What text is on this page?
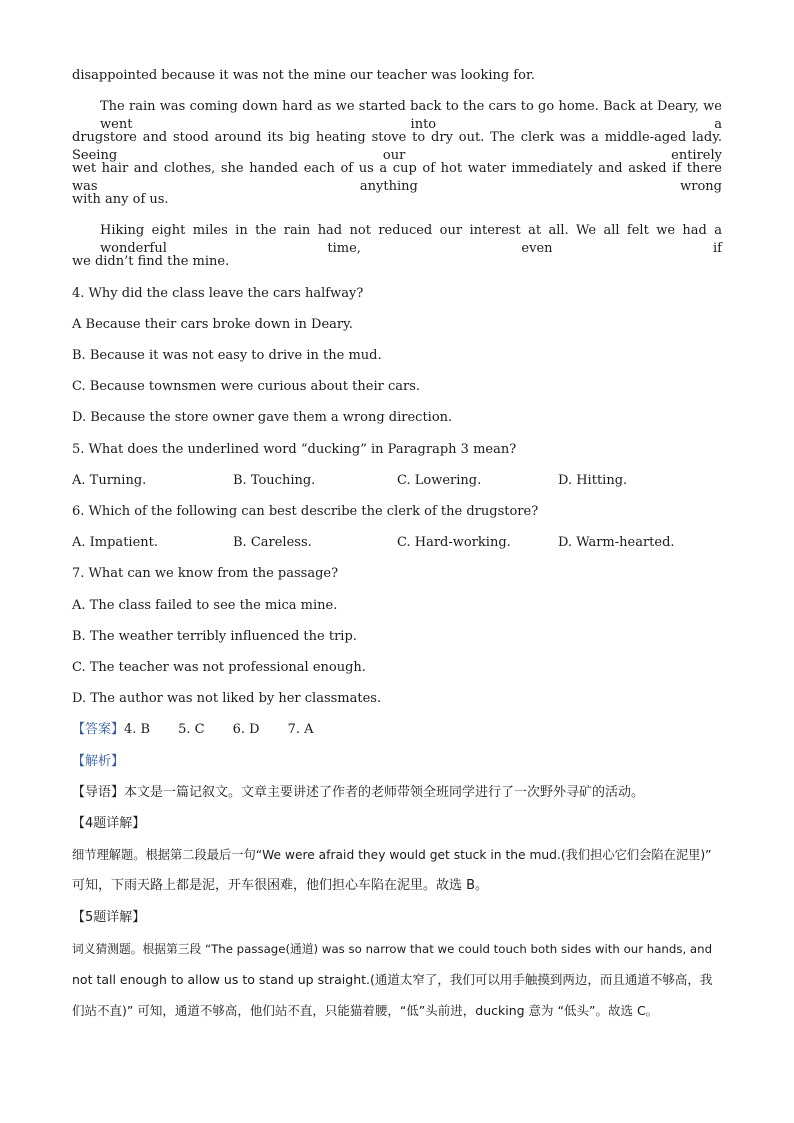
disappointed because it was not the mine our teacher was looking for.

The rain was coming down hard as we started back to the cars to go home. Back at Deary, we went into a

drugstore and stood around its big heating stove to dry out. The clerk was a middle-aged lady. Seeing our entirely

wet hair and clothes, she handed each of us a cup of hot water immediately and asked if there was anything wrong

with any of us.

Hiking eight miles in the rain had not reduced our interest at all. We all felt we had a wonderful time, even if

we didn’t find the mine.

4. Why did the class leave the cars halfway?

A Because their cars broke down in Deary.

B. Because it was not easy to drive in the mud.

C. Because townsmen were curious about their cars.

D. Because the store owner gave them a wrong direction.

5. What does the underlined word “ducking” in Paragraph 3 mean?

A. Turning.	B. Touching.	C. Lowering.	D. Hitting.

6. Which of the following can best describe the clerk of the drugstore?

A. Impatient.	B. Careless.	C. Hard-working.	D. Warm-hearted.

7. What can we know from the passage?

A. The class failed to see the mica mine.

B. The weather terribly influenced the trip.

C. The teacher was not professional enough.

D. The author was not liked by her classmates.

【答案】4. B 5. C 6. D 7. A

【解析】

【导语】本文是一篇记叙文。文章主要讲述了作者的老师带领全班同学进行了一次野外寻矿的活动。

【4题详解】

细节理解题。根据第二段最后一句“We were afraid they would get stuck in the mud.(我们担心它们会陷在泥里)”

可知，下雨天路上都是泥，开车很困难，他们担心车陷在泥里。故选 B。

【5题详解】

词义猜测题。根据第三段 “The passage(通道) was so narrow that we could touch both sides with our hands, and

not tall enough to allow us to stand up straight.(通道太窄了，我们可以用手触摸到两边，而且通道不够高，我

们站不直)” 可知，通道不够高，他们站不直，只能猫着腰，“低”头前进，ducking 意为 “低头”。故选 C。
